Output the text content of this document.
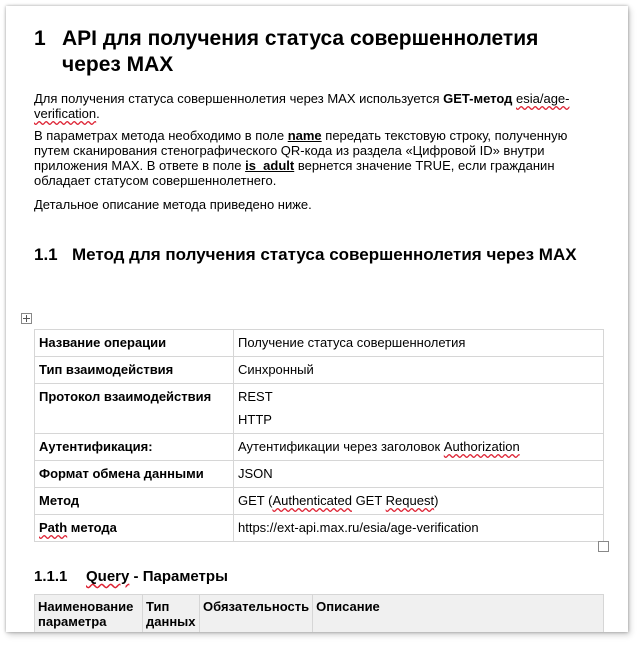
1 API для получения статуса совершеннолетия через MAX
Для получения статуса совершеннолетия через MAX используется GET-метод esia/age-verification.
В параметрах метода необходимо в поле name передать текстовую строку, полученную путем сканирования стенографического QR-кода из раздела «Цифровой ID» внутри приложения MAX. В ответе в поле is_adult вернется значение TRUE, если гражданин обладает статусом совершеннолетнего.
Детальное описание метода приведено ниже.
1.1 Метод для получения статуса совершеннолетия через MAX
Название операции	Получение статуса совершеннолетия
Тип взаимодействия	Синхронный
Протокол взаимодействия	REST
HTTP

Аутентификация:	Аутентификации через заголовок Authorization
Формат обмена данными	JSON
Метод	GET (Authenticated GET Request)
Path метода	https://ext-api.max.ru/esia/age-verification
1.1.1 Query - Параметры
Наименование параметра	Тип данных	Обязательность	Описание
